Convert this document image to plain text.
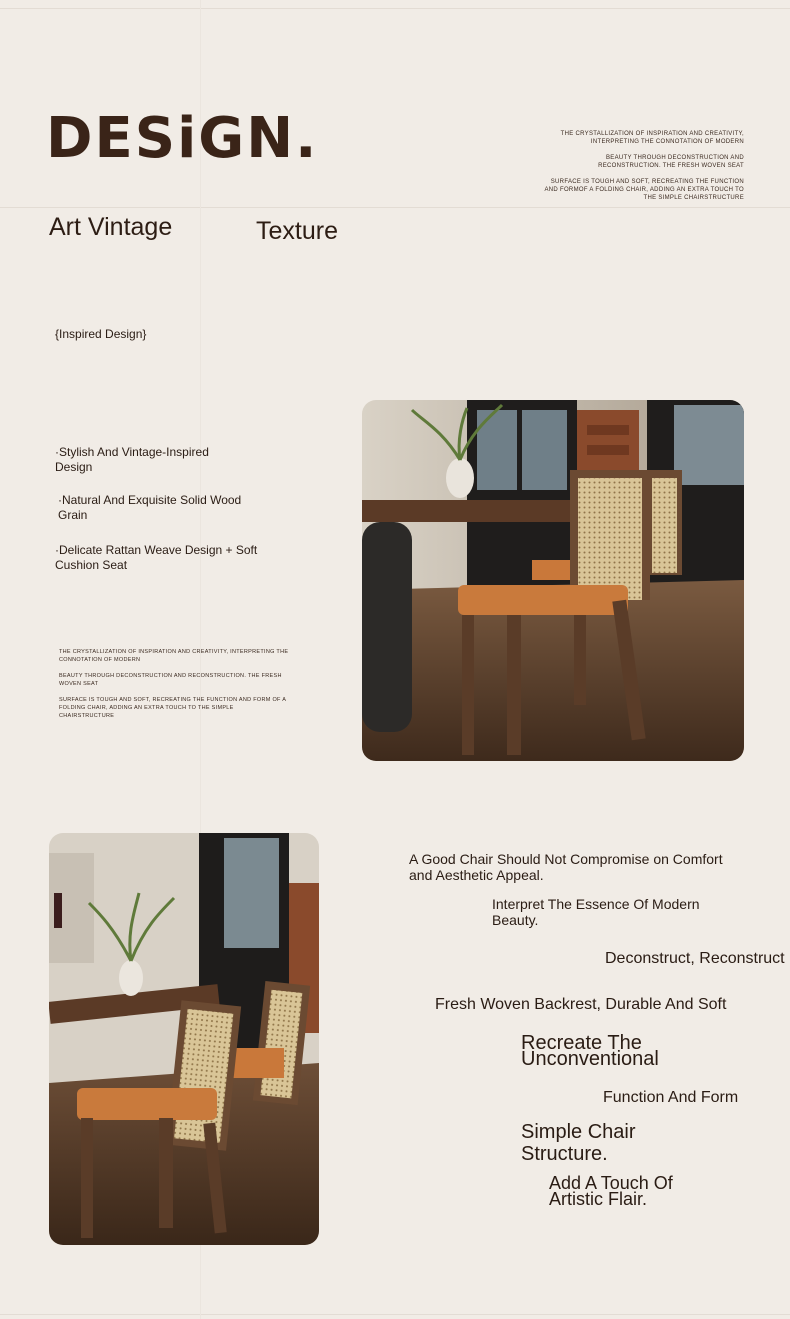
DESiGN.	THE CRYSTALLIZATION OF INSPIRATION AND CREATIVITY, INTERPRETING THE CONNOTATION OF MODERN

BEAUTY THROUGH DECONSTRUCTION AND RECONSTRUCTION. THE FRESH WOVEN SEAT

SURFACE IS TOUGH AND SOFT, RECREATING THE FUNCTION AND FORMOF A FOLDING CHAIR, ADDING AN EXTRA TOUCH TO THE SIMPLE CHAIRSTRUCTURE

Art Vintage	Texture
{Inspired Design}
·Stylish And Vintage-Inspired Design
·Natural And Exquisite Solid Wood Grain
·Delicate Rattan Weave Design + Soft Cushion Seat

THE CRYSTALLIZATION OF INSPIRATION AND CREATIVITY, INTERPRETING THE CONNOTATION OF MODERN

BEAUTY THROUGH DECONSTRUCTION AND RECONSTRUCTION. THE FRESH WOVEN SEAT

SURFACE IS TOUGH AND SOFT, RECREATING THE FUNCTION AND FORM OF A FOLDING CHAIR, ADDING AN EXTRA TOUCH TO THE SIMPLE CHAIRSTRUCTURE

A Good Chair Should Not Compromise on Comfort and Aesthetic Appeal.
Interpret The Essence Of Modern Beauty.
Deconstruct, Reconstruct
Fresh Woven Backrest, Durable And Soft
Recreate The Unconventional
Function And Form
Simple Chair Structure.
Add A Touch Of Artistic Flair.
